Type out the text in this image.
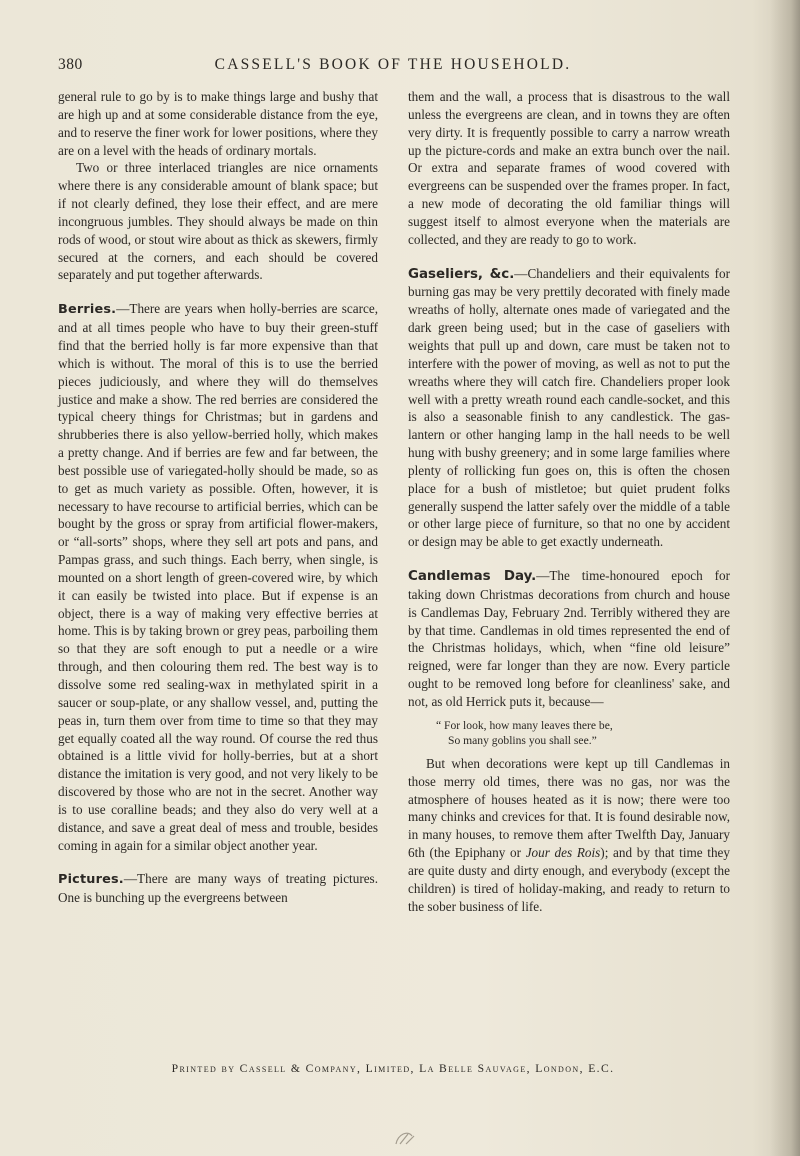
380	CASSELL'S BOOK OF THE HOUSEHOLD.

general rule to go by is to make things large and bushy that are high up and at some considerable distance from the eye, and to reserve the finer work for lower positions, where they are on a level with the heads of ordinary mortals.

Two or three interlaced triangles are nice ornaments where there is any considerable amount of blank space; but if not clearly defined, they lose their effect, and are mere incongruous jumbles. They should always be made on thin rods of wood, or stout wire about as thick as skewers, firmly secured at the corners, and each should be covered separately and put together afterwards.

Berries.—There are years when holly-berries are scarce, and at all times people who have to buy their green-stuff find that the berried holly is far more expensive than that which is without. The moral of this is to use the berried pieces judiciously, and where they will do themselves justice and make a show. The red berries are considered the typical cheery things for Christmas; but in gardens and shrubberies there is also yellow-berried holly, which makes a pretty change. And if berries are few and far between, the best possible use of variegated-holly should be made, so as to get as much variety as possible. Often, however, it is necessary to have recourse to artificial berries, which can be bought by the gross or spray from artificial flower-makers, or “all-sorts” shops, where they sell art pots and pans, and Pampas grass, and such things. Each berry, when single, is mounted on a short length of green-covered wire, by which it can easily be twisted into place. But if expense is an object, there is a way of making very effective berries at home. This is by taking brown or grey peas, parboiling them so that they are soft enough to put a needle or a wire through, and then colouring them red. The best way is to dissolve some red sealing-wax in methylated spirit in a saucer or soup-plate, or any shallow vessel, and, putting the peas in, turn them over from time to time so that they may get equally coated all the way round. Of course the red thus obtained is a little vivid for holly-berries, but at a short distance the imitation is very good, and not very likely to be discovered by those who are not in the secret. Another way is to use coralline beads; and they also do very well at a distance, and save a great deal of mess and trouble, besides coming in again for a similar object another year.

Pictures.—There are many ways of treating pictures. One is bunching up the evergreens between

them and the wall, a process that is disastrous to the wall unless the evergreens are clean, and in towns they are often very dirty. It is frequently possible to carry a narrow wreath up the picture-cords and make an extra bunch over the nail. Or extra and separate frames of wood covered with evergreens can be suspended over the frames proper. In fact, a new mode of decorating the old familiar things will suggest itself to almost everyone when the materials are collected, and they are ready to go to work.

Gaseliers, &c.—Chandeliers and their equivalents for burning gas may be very prettily decorated with finely made wreaths of holly, alternate ones made of variegated and the dark green being used; but in the case of gaseliers with weights that pull up and down, care must be taken not to interfere with the power of moving, as well as not to put the wreaths where they will catch fire. Chandeliers proper look well with a pretty wreath round each candle-socket, and this is also a seasonable finish to any candlestick. The gas-lantern or other hanging lamp in the hall needs to be well hung with bushy greenery; and in some large families where plenty of rollicking fun goes on, this is often the chosen place for a bush of mistletoe; but quiet prudent folks generally suspend the latter safely over the middle of a table or other large piece of furniture, so that no one by accident or design may be able to get exactly underneath.

Candlemas Day.—The time-honoured epoch for taking down Christmas decorations from church and house is Candlemas Day, February 2nd. Terribly withered they are by that time. Candlemas in old times represented the end of the Christmas holidays, which, when “fine old leisure” reigned, were far longer than they are now. Every particle ought to be removed long before for cleanliness' sake, and not, as old Herrick puts it, because—

“ For look, how many leaves there be,
So many goblins you shall see.”

But when decorations were kept up till Candlemas in those merry old times, there was no gas, nor was the atmosphere of houses heated as it is now; there were too many chinks and crevices for that. It is found desirable now, in many houses, to remove them after Twelfth Day, January 6th (the Epiphany or Jour des Rois); and by that time they are quite dusty and dirty enough, and everybody (except the children) is tired of holiday-making, and ready to return to the sober business of life.

Printed by Cassell & Company, Limited, La Belle Sauvage, London, E.C.
